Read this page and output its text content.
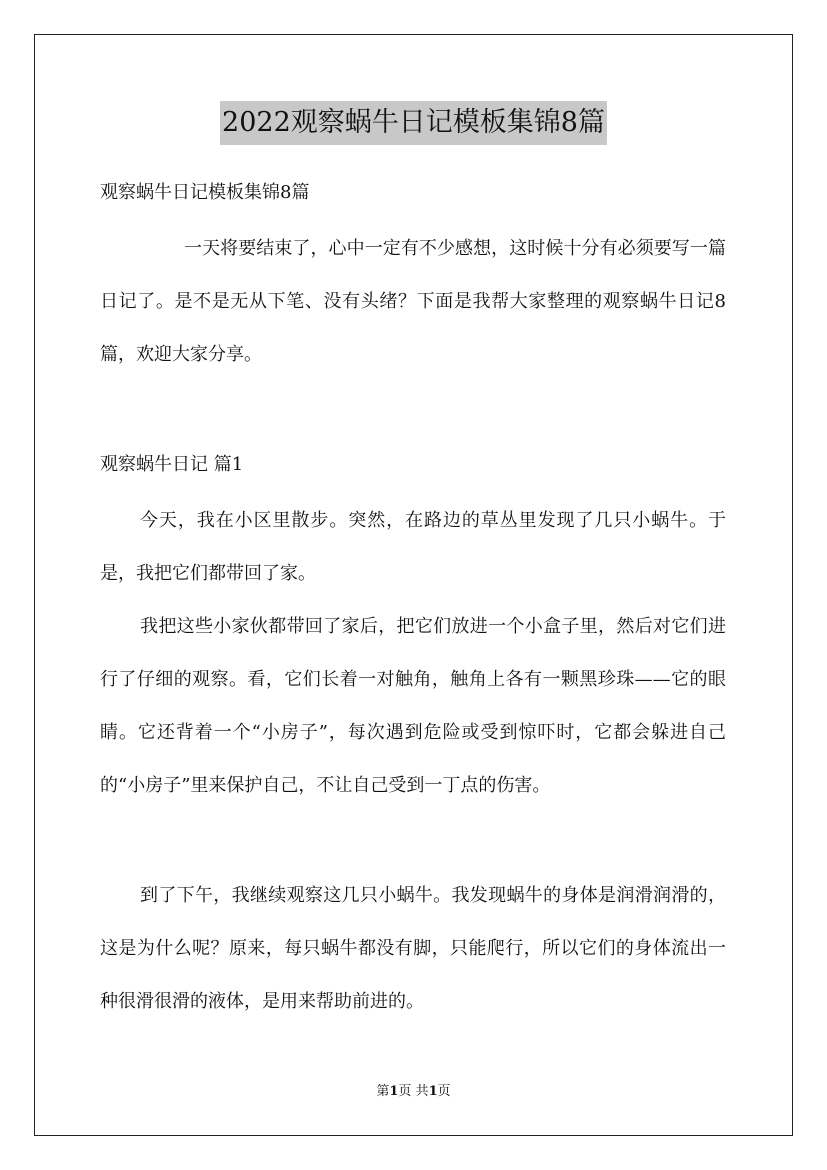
2022观察蜗牛日记模板集锦8篇

观察蜗牛日记模板集锦8篇

一天将要结束了，心中一定有不少感想，这时候十分有必须要写一篇日记了。是不是无从下笔、没有头绪？下面是我帮大家整理的观察蜗牛日记8篇，欢迎大家分享。

观察蜗牛日记 篇1

今天，我在小区里散步。突然，在路边的草丛里发现了几只小蜗牛。于是，我把它们都带回了家。

我把这些小家伙都带回了家后，把它们放进一个小盒子里，然后对它们进行了仔细的观察。看，它们长着一对触角，触角上各有一颗黑珍珠——它的眼睛。它还背着一个“小房子”，每次遇到危险或受到惊吓时，它都会躲进自己的“小房子”里来保护自己，不让自己受到一丁点的伤害。

到了下午，我继续观察这几只小蜗牛。我发现蜗牛的身体是润滑润滑的，这是为什么呢？原来，每只蜗牛都没有脚，只能爬行，所以它们的身体流出一种很滑很滑的液体，是用来帮助前进的。

第1页 共1页
